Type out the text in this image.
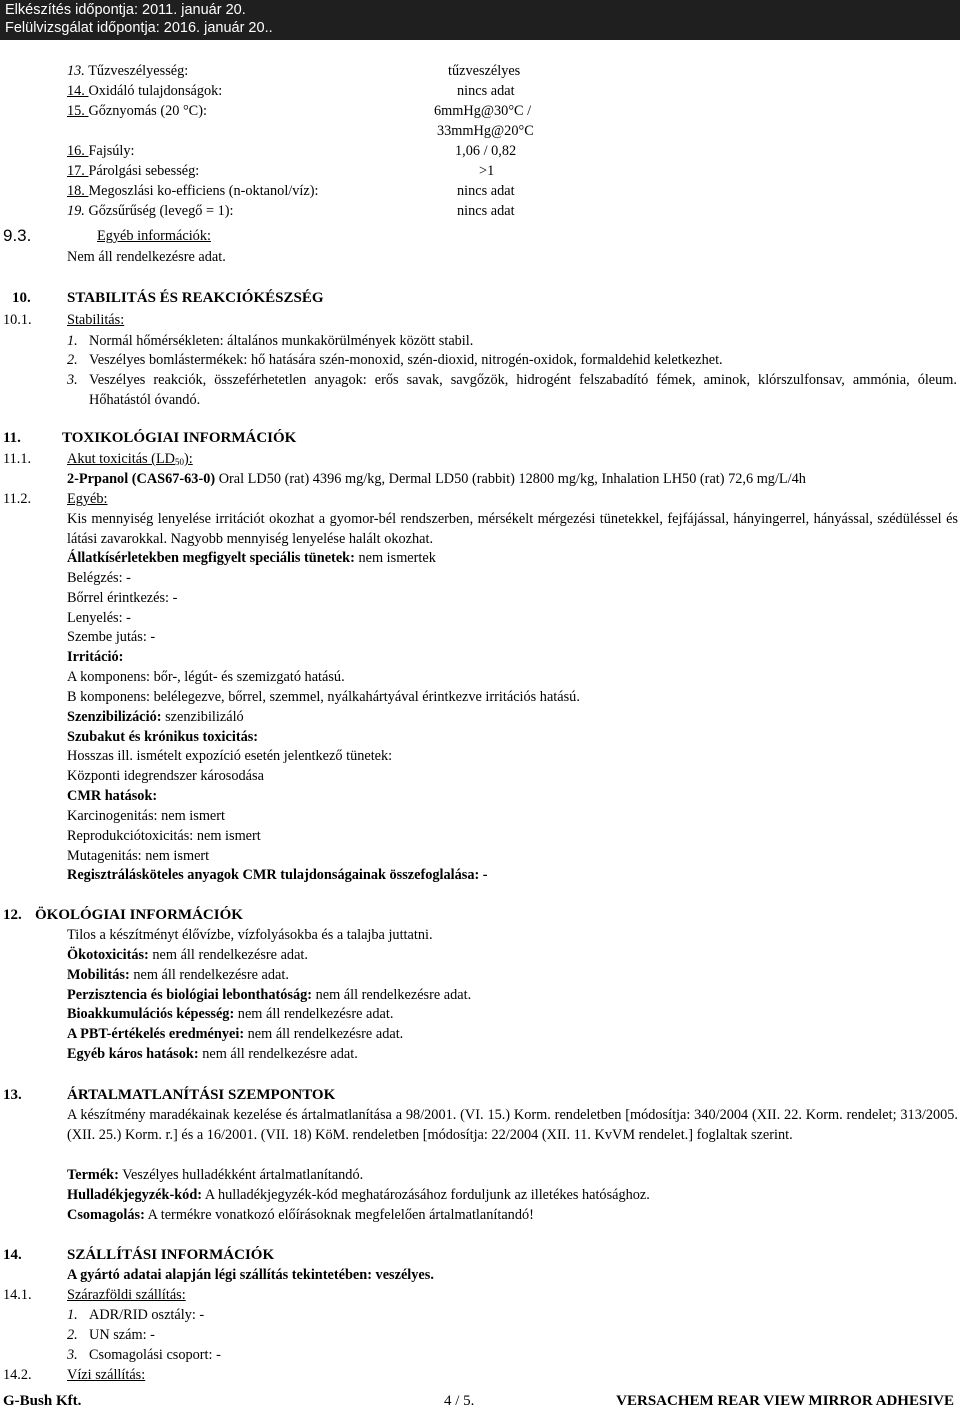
Elkészítés időpontja: 2011. január 20.
Felülvizsgálat időpontja: 2016. január 20..
13. Tűzveszélyesség:	tűzveszélyes
14. Oxidáló tulajdonságok:	nincs adat
15. Gőznyomás (20 °C):	6mmHg@30°C /
33mmHg@20°C
16. Fajsúly:	1,06 / 0,82
17. Párolgási sebesség:	>1
18. Megoszlási ko-efficiens (n-oktanol/víz):	nincs adat
19. Gőzsűrűség (levegő = 1):	nincs adat
9.3.	Egyéb információk:
Nem áll rendelkezésre adat.
10. STABILITÁS ÉS REAKCIÓKÉSZSÉG
10.1. Stabilitás:
1. Normál hőmérsékleten: általános munkakörülmények között stabil.
2. Veszélyes bomlástermékek: hő hatására szén-monoxid, szén-dioxid, nitrogén-oxidok, formaldehid keletkezhet.
3. Veszélyes reakciók, összeférhetetlen anyagok: erős savak, savgőzök, hidrogént felszabadító fémek, aminok, klórszulfonsav, ammónia, óleum. Hőhatástól óvandó.
11.	TOXIKOLÓGIAI INFORMÁCIÓK
11.1.	Akut toxicitás $(LD_{50})$:
2-Prpanol (CAS67-63-0) Oral LD50 (rat) 4396 mg/kg, Dermal LD50 (rabbit) 12800 mg/kg, Inhalation LH50 (rat) 72,6 mg/L/4h
11.2.	Egyéb:
Kis mennyiség lenyelése irritációt okozhat a gyomor-bél rendszerben, mérsékelt mérgezési tünetekkel, fejfájással, hányingerrel, hányással, szédüléssel és látási zavarokkal. Nagyobb mennyiség lenyelése halált okozhat.
Állatkísérletekben megfigyelt speciális tünetek: nem ismertek
Belégzés: -
Bőrrel érintkezés: -
Lenyelés: -
Szembe jutás: -
Irritáció:
A komponens: bőr-, légút- és szemizgató hatású.
B komponens: belélegezve, bőrrel, szemmel, nyálkahártyával érintkezve irritációs hatású.
Szenzibilizáció: szenzibilizáló
Szubakut és krónikus toxicitás:
Hosszas ill. ismételt expozíció esetén jelentkező tünetek:
Központi idegrendszer károsodása
CMR hatások:
Karcinogenitás: nem ismert
Reprodukciótoxicitás: nem ismert
Mutagenitás: nem ismert
Regisztrálásköteles anyagok CMR tulajdonságainak összefoglalása: -
12. ÖKOLÓGIAI INFORMÁCIÓK
Tilos a készítményt élővízbe, vízfolyásokba és a talajba juttatni.
Ökotoxicitás: nem áll rendelkezésre adat.
Mobilitás: nem áll rendelkezésre adat.
Perzisztencia és biológiai lebonthatóság: nem áll rendelkezésre adat.
Bioakkumulációs képesség: nem áll rendelkezésre adat.
A PBT-értékelés eredményei: nem áll rendelkezésre adat.
Egyéb káros hatások: nem áll rendelkezésre adat.
13.	ÁRTALMATLANÍTÁSI SZEMPONTOK
A készítmény maradékainak kezelése és ártalmatlanítása a 98/2001. (VI. 15.) Korm. rendeletben [módosítja: 340/2004 (XII. 22. Korm. rendelet; 313/2005. (XII. 25.) Korm. r.] és a 16/2001. (VII. 18) KöM. rendeletben [módosítja: 22/2004 (XII. 11. KvVM rendelet.] foglaltak szerint.
Termék: Veszélyes hulladékként ártalmatlanítandó.
Hulladékjegyzék-kód: A hulladékjegyzék-kód meghatározásához forduljunk az illetékes hatósághoz.
Csomagolás: A termékre vonatkozó előírásoknak megfelelően ártalmatlanítandó!
14.	SZÁLLÍTÁSI INFORMÁCIÓK
A gyártó adatai alapján légi szállítás tekintetében: veszélyes.
14.1. Szárazföldi szállítás:
1. ADR/RID osztály: -
2. UN szám: -
3. Csomagolási csoport: -
14.2. Vízi szállítás:
G-Bush Kft.	4 / 5.	VERSACHEM REAR VIEW MIRROR ADHESIVE
